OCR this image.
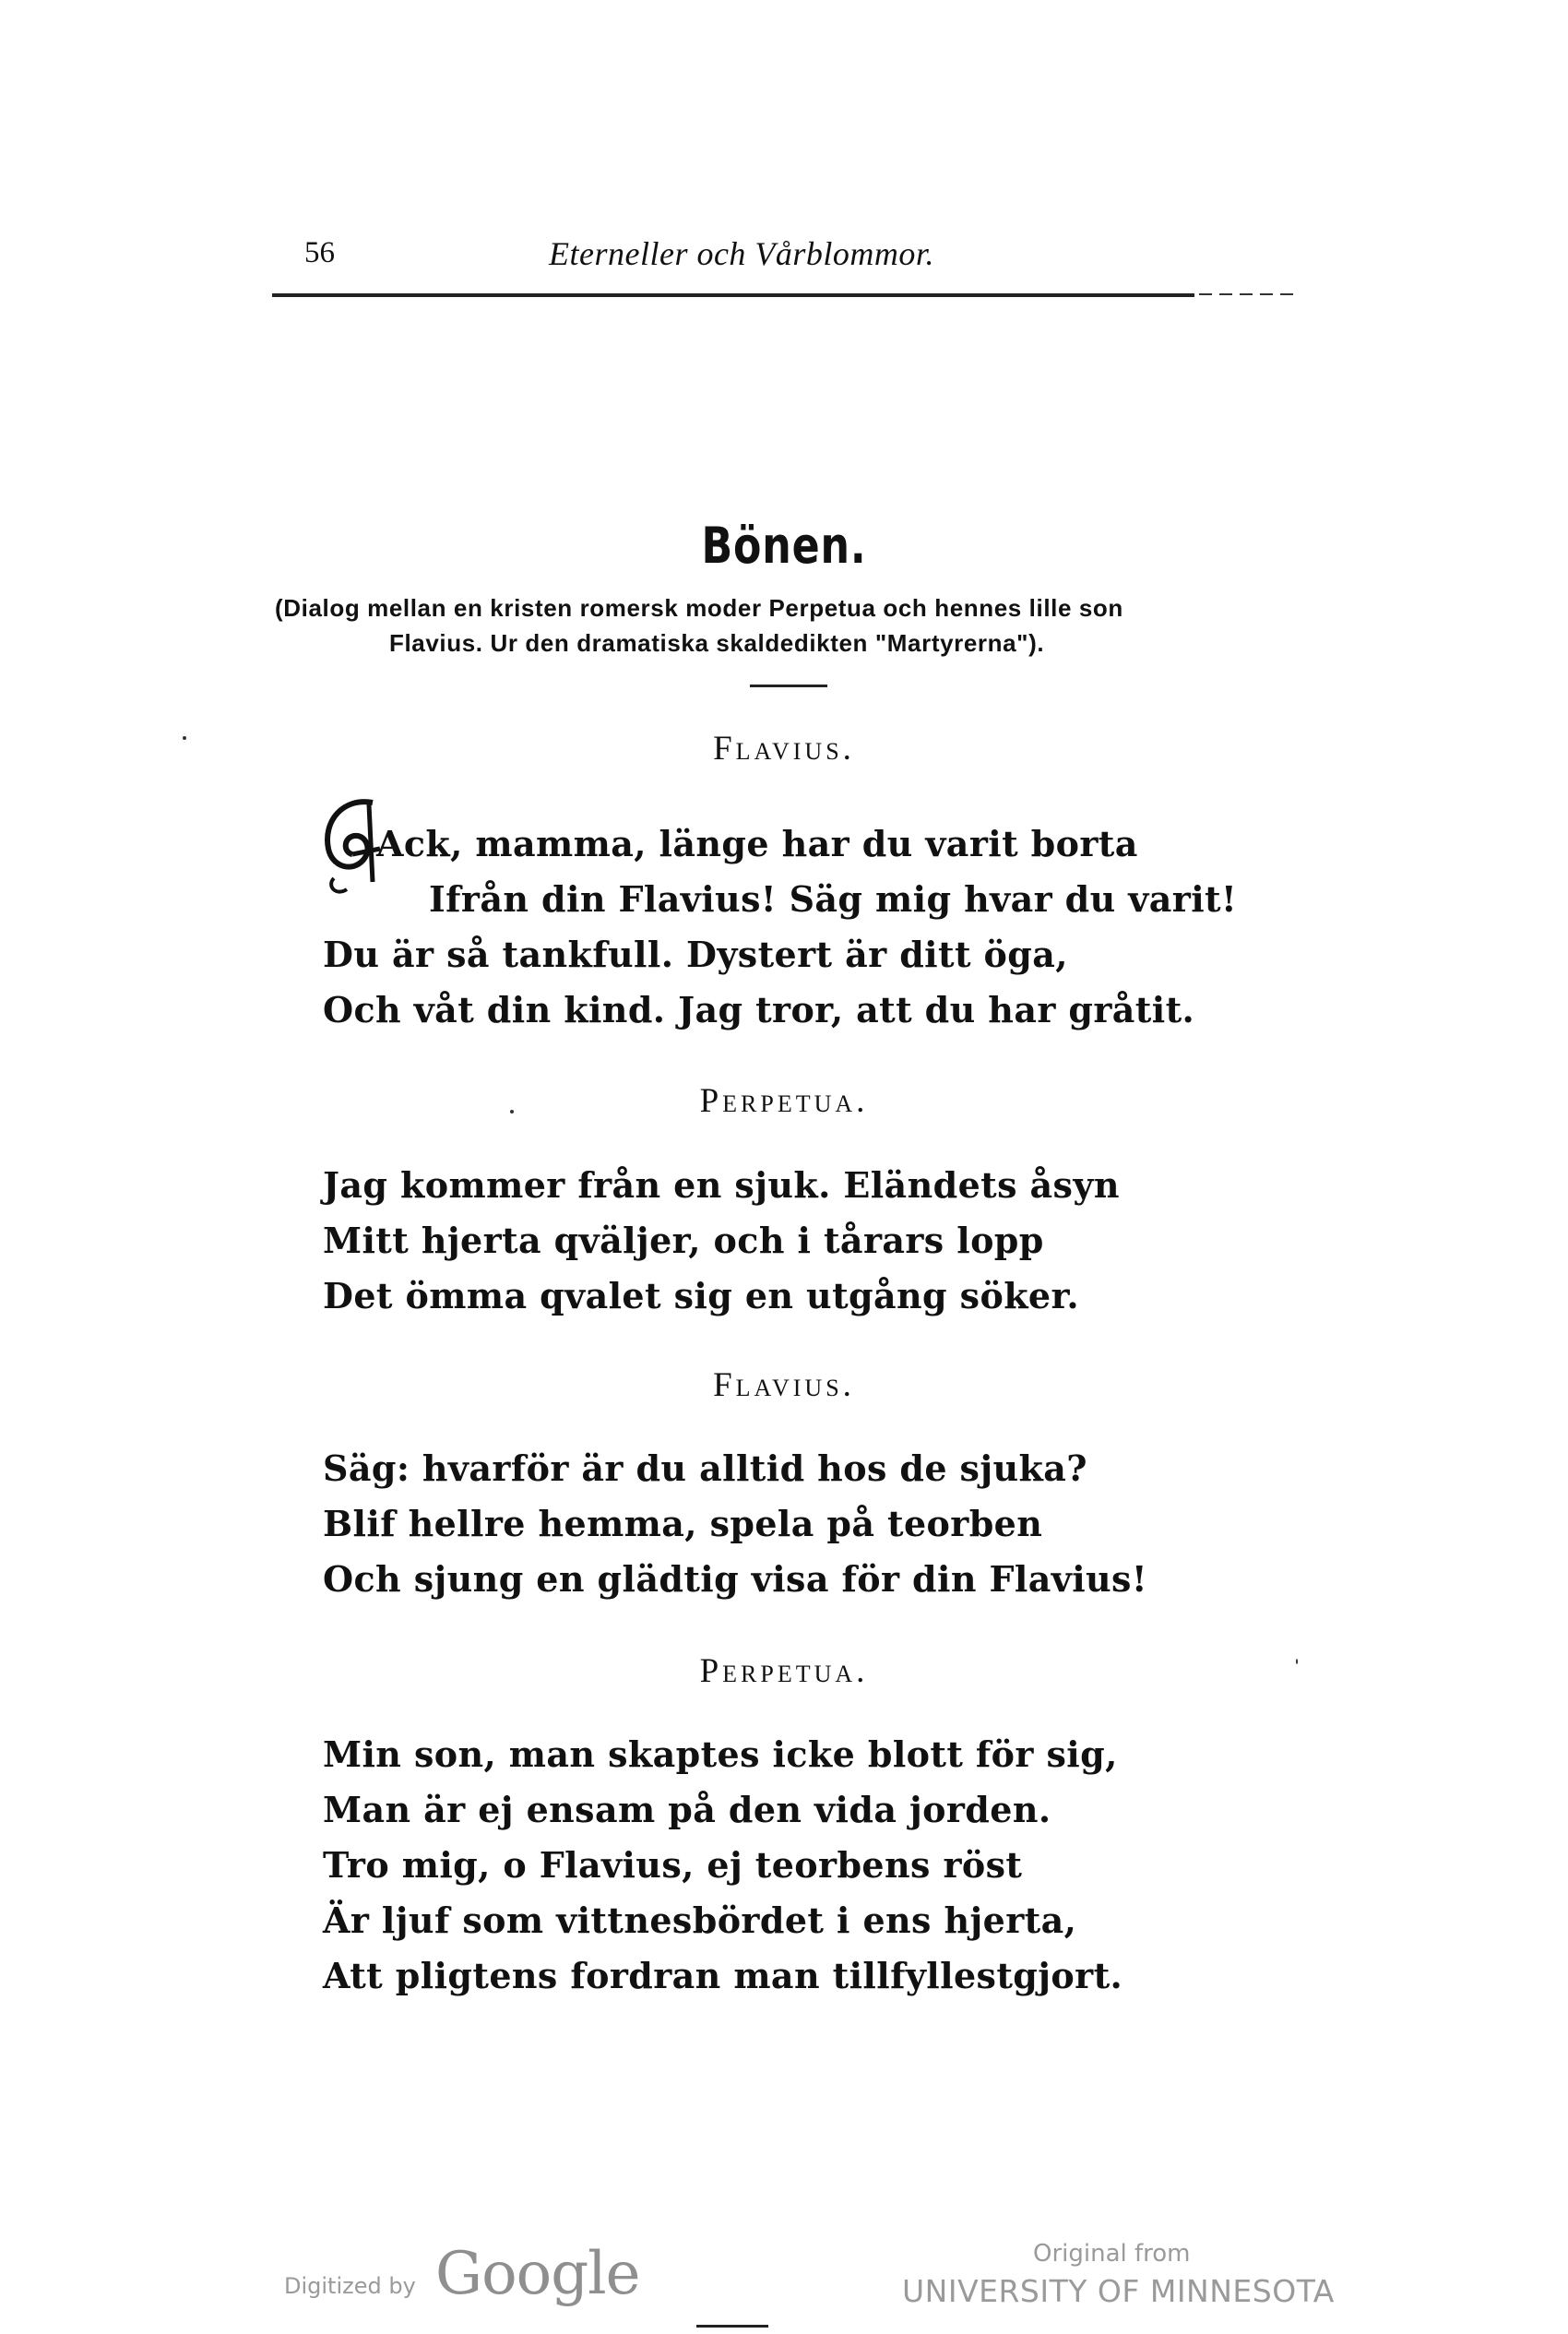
56	Eterneller och Vårblommor.
Bönen.
(Dialog mellan en kristen romersk moder Perpetua och hennes lille son
Flavius. Ur den dramatiska skaldedikten "Martyrerna").
Flavius.
Ack, mamma, länge har du varit borta
Ifrån din Flavius! Säg mig hvar du varit!
Du är så tankfull. Dystert är ditt öga,
Och våt din kind. Jag tror, att du har gråtit.
Perpetua.
Jag kommer från en sjuk. Eländets åsyn
Mitt hjerta qväljer, och i tårars lopp
Det ömma qvalet sig en utgång söker.
Flavius.
Säg: hvarför är du alltid hos de sjuka?
Blif hellre hemma, spela på teorben
Och sjung en glädtig visa för din Flavius!
Perpetua.
Min son, man skaptes icke blott för sig,
Man är ej ensam på den vida jorden.
Tro mig, o Flavius, ej teorbens röst
Är ljuf som vittnesbördet i ens hjerta,
Att pligtens fordran man tillfyllestgjort.
Digitized by Google	Original from
UNIVERSITY OF MINNESOTA
